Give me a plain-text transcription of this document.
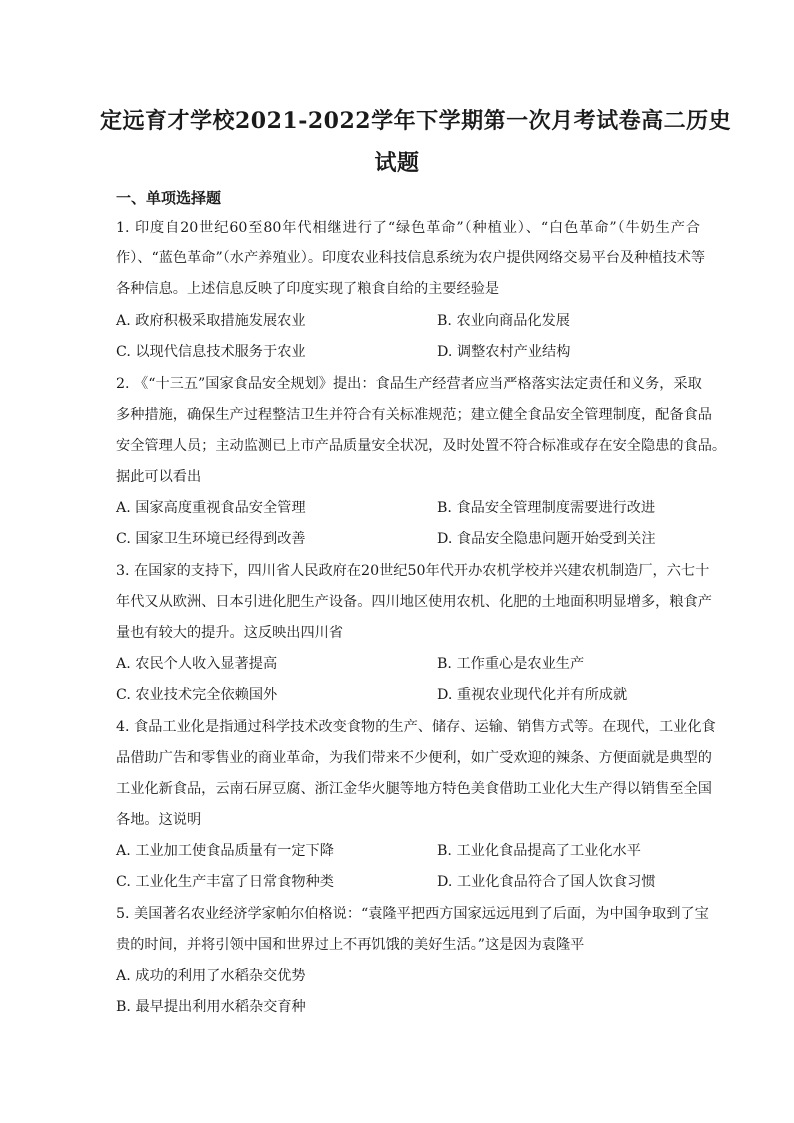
定远育才学校2021-2022学年下学期第一次月考试卷高二历史
试题
一、单项选择题
1. 印度自20世纪60至80年代相继进行了“绿色革命”（种植业）、“白色革命”（牛奶生产合
作）、“蓝色革命”（水产养殖业）。印度农业科技信息系统为农户提供网络交易平台及种植技术等
各种信息。上述信息反映了印度实现了粮食自给的主要经验是
A. 政府积极采取措施发展农业	B. 农业向商品化发展
C. 以现代信息技术服务于农业	D. 调整农村产业结构
2. 《“十三五”国家食品安全规划》提出：食品生产经营者应当严格落实法定责任和义务，采取
多种措施，确保生产过程整洁卫生并符合有关标准规范；建立健全食品安全管理制度，配备食品
安全管理人员；主动监测已上市产品质量安全状况，及时处置不符合标准或存在安全隐患的食品。
据此可以看出
A. 国家高度重视食品安全管理	B. 食品安全管理制度需要进行改进
C. 国家卫生环境已经得到改善	D. 食品安全隐患问题开始受到关注
3. 在国家的支持下，四川省人民政府在20世纪50年代开办农机学校并兴建农机制造厂，六七十
年代又从欧洲、日本引进化肥生产设备。四川地区使用农机、化肥的土地面积明显增多，粮食产
量也有较大的提升。这反映出四川省
A. 农民个人收入显著提高	B. 工作重心是农业生产
C. 农业技术完全依赖国外	D. 重视农业现代化并有所成就
4. 食品工业化是指通过科学技术改变食物的生产、储存、运输、销售方式等。在现代，工业化食
品借助广告和零售业的商业革命，为我们带来不少便利，如广受欢迎的辣条、方便面就是典型的
工业化新食品，云南石屏豆腐、浙江金华火腿等地方特色美食借助工业化大生产得以销售至全国
各地。这说明
A. 工业加工使食品质量有一定下降	B. 工业化食品提高了工业化水平
C. 工业化生产丰富了日常食物种类	D. 工业化食品符合了国人饮食习惯
5. 美国著名农业经济学家帕尔伯格说：“袁隆平把西方国家远远甩到了后面，为中国争取到了宝
贵的时间，并将引领中国和世界过上不再饥饿的美好生活。”这是因为袁隆平
A. 成功的利用了水稻杂交优势
B. 最早提出利用水稻杂交育种
